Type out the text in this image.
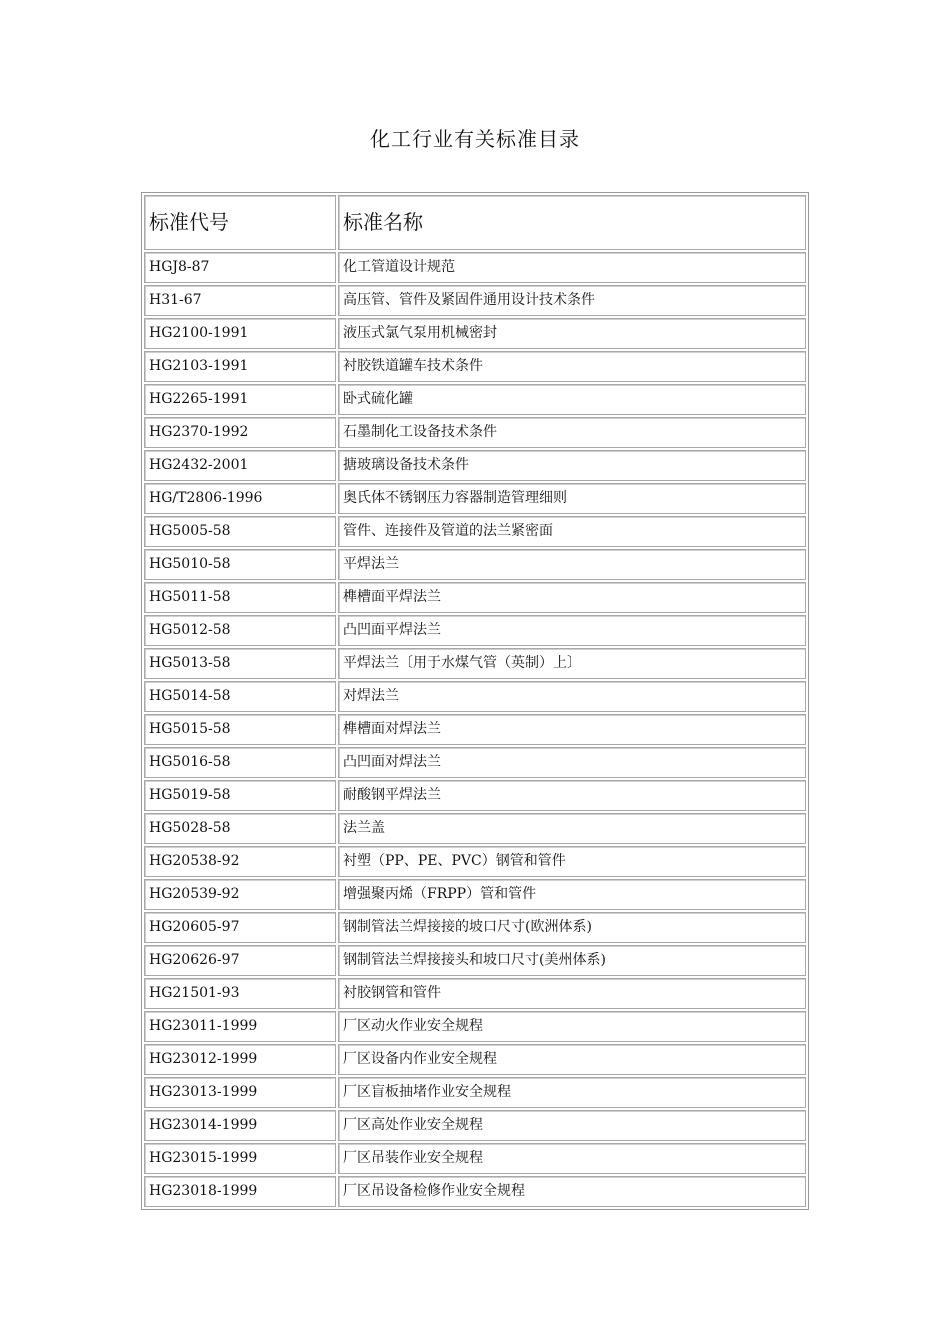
化工行业有关标准目录
标准代号	标准名称
HGJ8-87	化工管道设计规范
H31-67	高压管、管件及紧固件通用设计技术条件
HG2100-1991	液压式氯气泵用机械密封
HG2103-1991	衬胶铁道罐车技术条件
HG2265-1991	卧式硫化罐
HG2370-1992	石墨制化工设备技术条件
HG2432-2001	搪玻璃设备技术条件
HG/T2806-1996	奥氏体不锈钢压力容器制造管理细则
HG5005-58	管件、连接件及管道的法兰紧密面
HG5010-58	平焊法兰
HG5011-58	榫槽面平焊法兰
HG5012-58	凸凹面平焊法兰
HG5013-58	平焊法兰〔用于水煤气管（英制）上〕
HG5014-58	对焊法兰
HG5015-58	榫槽面对焊法兰
HG5016-58	凸凹面对焊法兰
HG5019-58	耐酸钢平焊法兰
HG5028-58	法兰盖
HG20538-92	衬塑（PP、PE、PVC）钢管和管件
HG20539-92	增强聚丙烯（FRPP）管和管件
HG20605-97	钢制管法兰焊接接的坡口尺寸(欧洲体系)
HG20626-97	钢制管法兰焊接接头和坡口尺寸(美州体系)
HG21501-93	衬胶钢管和管件
HG23011-1999	厂区动火作业安全规程
HG23012-1999	厂区设备内作业安全规程
HG23013-1999	厂区盲板抽堵作业安全规程
HG23014-1999	厂区高处作业安全规程
HG23015-1999	厂区吊装作业安全规程
HG23018-1999	厂区吊设备检修作业安全规程
